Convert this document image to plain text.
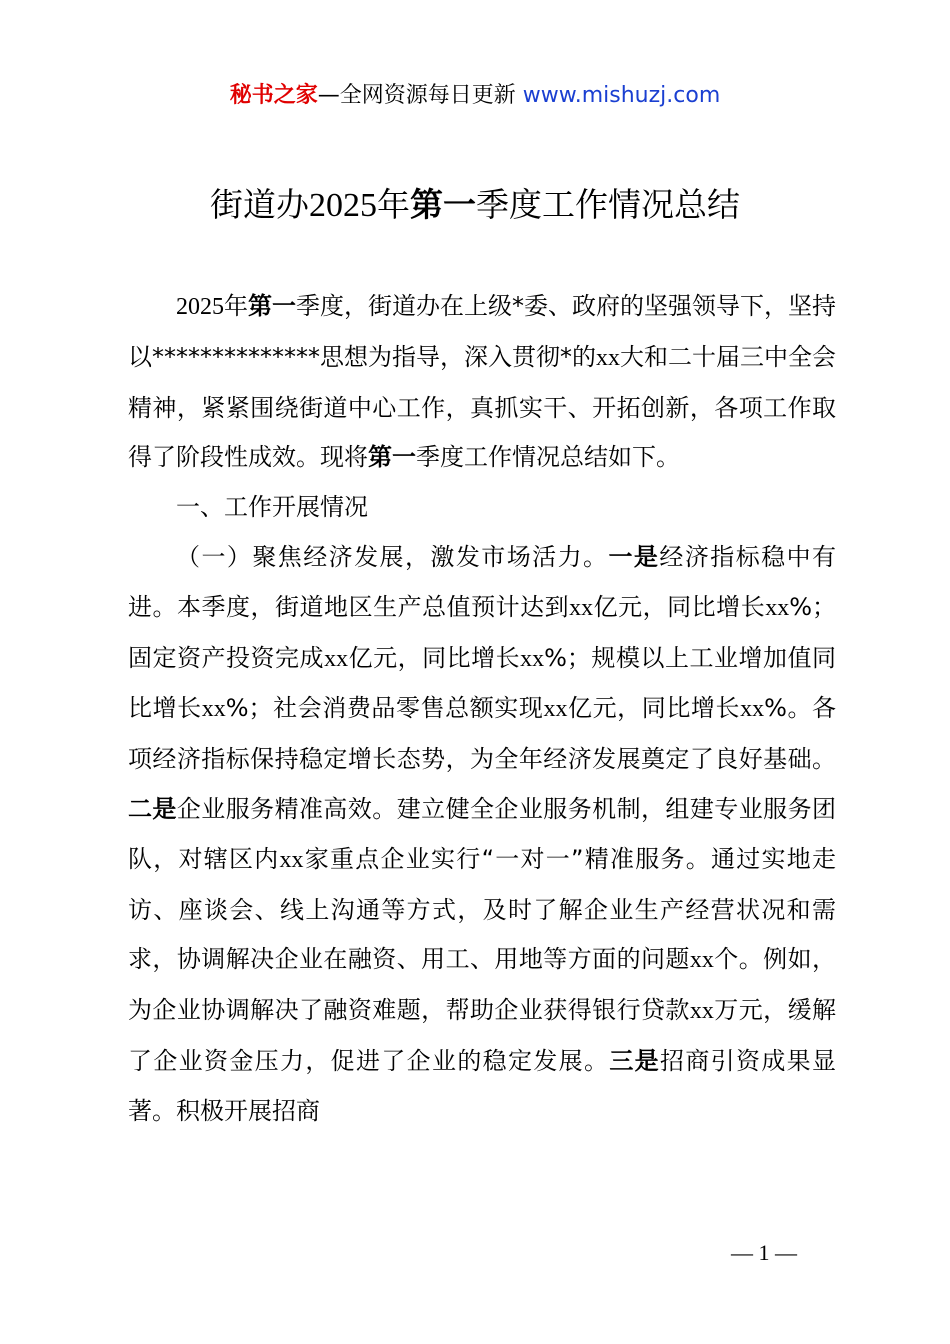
秘书之家—全网资源每日更新 www.mishuzj.com
街道办2025年第一季度工作情况总结

2025年第一季度，街道办在上级*委、政府的坚强领导下，坚持以**************思想为指导，深入贯彻*的xx大和二十届三中全会精神，紧紧围绕街道中心工作，真抓实干、开拓创新，各项工作取得了阶段性成效。现将第一季度工作情况总结如下。

一、工作开展情况

（一）聚焦经济发展，激发市场活力。一是经济指标稳中有进。本季度，街道地区生产总值预计达到xx亿元，同比增长xx%；固定资产投资完成xx亿元，同比增长xx%；规模以上工业增加值同比增长xx%；社会消费品零售总额实现xx亿元，同比增长xx%。各项经济指标保持稳定增长态势，为全年经济发展奠定了良好基础。二是企业服务精准高效。建立健全企业服务机制，组建专业服务团队，对辖区内xx家重点企业实行“一对一”精准服务。通过实地走访、座谈会、线上沟通等方式，及时了解企业生产经营状况和需求，协调解决企业在融资、用工、用地等方面的问题xx个。例如，为企业协调解决了融资难题，帮助企业获得银行贷款xx万元，缓解了企业资金压力，促进了企业的稳定发展。三是招商引资成果显著。积极开展招商

— 1 —
